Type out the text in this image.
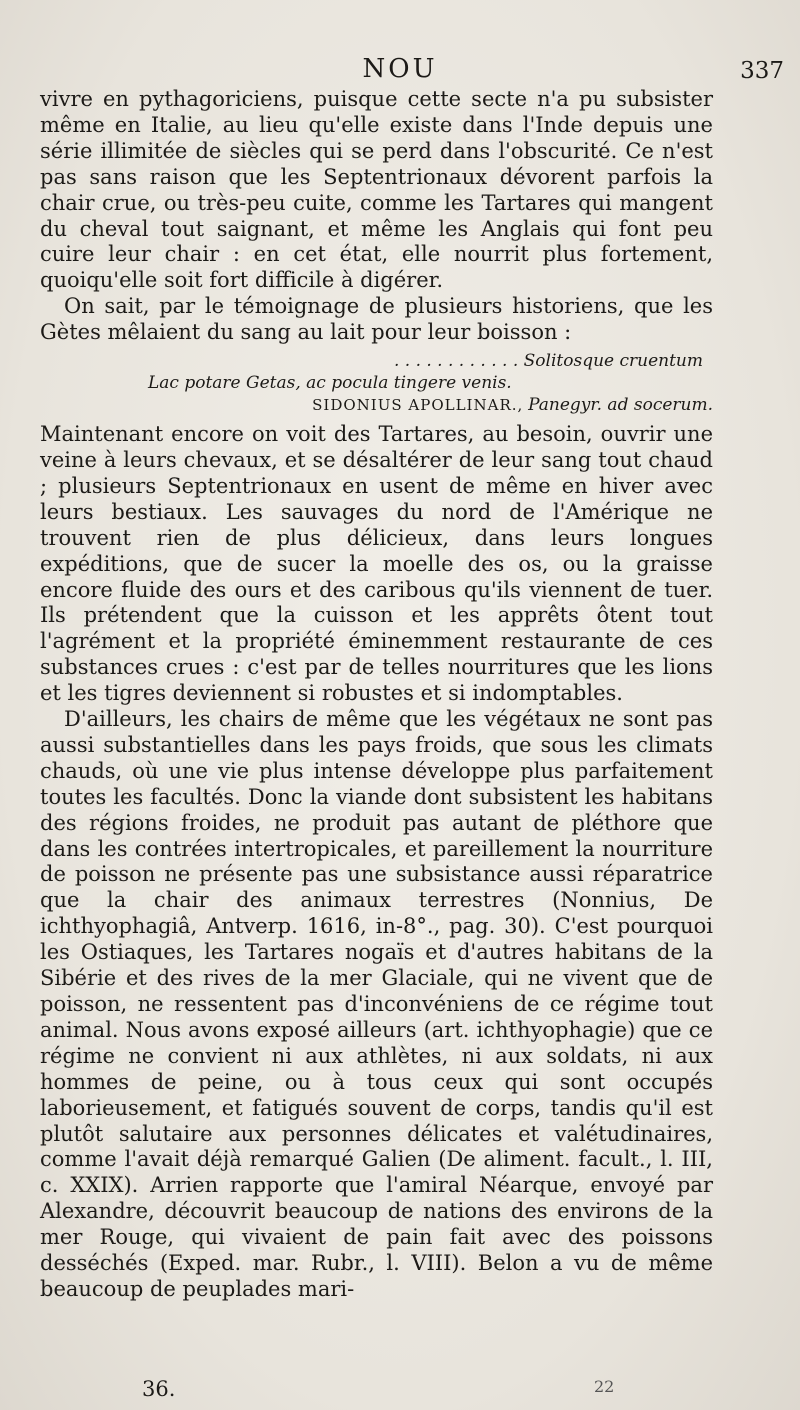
NOU	337

vivre en pythagoriciens, puisque cette secte n'a pu subsister même en Italie, au lieu qu'elle existe dans l'Inde depuis une série illimitée de siècles qui se perd dans l'obscurité. Ce n'est pas sans raison que les Septentrionaux dévorent parfois la chair crue, ou très-peu cuite, comme les Tartares qui mangent du cheval tout saignant, et même les Anglais qui font peu cuire leur chair : en cet état, elle nourrit plus fortement, quoiqu'elle soit fort difficile à digérer.

On sait, par le témoignage de plusieurs historiens, que les Gètes mêlaient du sang au lait pour leur boisson :

. . . . . . . . . . . . Solitosque cruentum
Lac potare Getas, ac pocula tingere venis.
SIDONIUS APOLLINAR., Panegyr. ad socerum.

Maintenant encore on voit des Tartares, au besoin, ouvrir une veine à leurs chevaux, et se désaltérer de leur sang tout chaud ; plusieurs Septentrionaux en usent de même en hiver avec leurs bestiaux. Les sauvages du nord de l'Amérique ne trouvent rien de plus délicieux, dans leurs longues expéditions, que de sucer la moelle des os, ou la graisse encore fluide des ours et des caribous qu'ils viennent de tuer. Ils prétendent que la cuisson et les apprêts ôtent tout l'agrément et la propriété éminemment restaurante de ces substances crues : c'est par de telles nourritures que les lions et les tigres deviennent si robustes et si indomptables.

D'ailleurs, les chairs de même que les végétaux ne sont pas aussi substantielles dans les pays froids, que sous les climats chauds, où une vie plus intense développe plus parfaitement toutes les facultés. Donc la viande dont subsistent les habitans des régions froides, ne produit pas autant de pléthore que dans les contrées intertropicales, et pareillement la nourriture de poisson ne présente pas une subsistance aussi réparatrice que la chair des animaux terrestres (Nonnius, De ichthyophagiâ, Antverp. 1616, in-8°., pag. 30). C'est pourquoi les Ostiaques, les Tartares nogaïs et d'autres habitans de la Sibérie et des rives de la mer Glaciale, qui ne vivent que de poisson, ne ressentent pas d'inconvéniens de ce régime tout animal. Nous avons exposé ailleurs (art. ichthyophagie) que ce régime ne convient ni aux athlètes, ni aux soldats, ni aux hommes de peine, ou à tous ceux qui sont occupés laborieusement, et fatigués souvent de corps, tandis qu'il est plutôt salutaire aux personnes délicates et valétudinaires, comme l'avait déjà remarqué Galien (De aliment. facult., l. III, c. XXIX). Arrien rapporte que l'amiral Néarque, envoyé par Alexandre, découvrit beaucoup de nations des environs de la mer Rouge, qui vivaient de pain fait avec des poissons desséchés (Exped. mar. Rubr., l. VIII). Belon a vu de même beaucoup de peuplades mari-

36.	22
